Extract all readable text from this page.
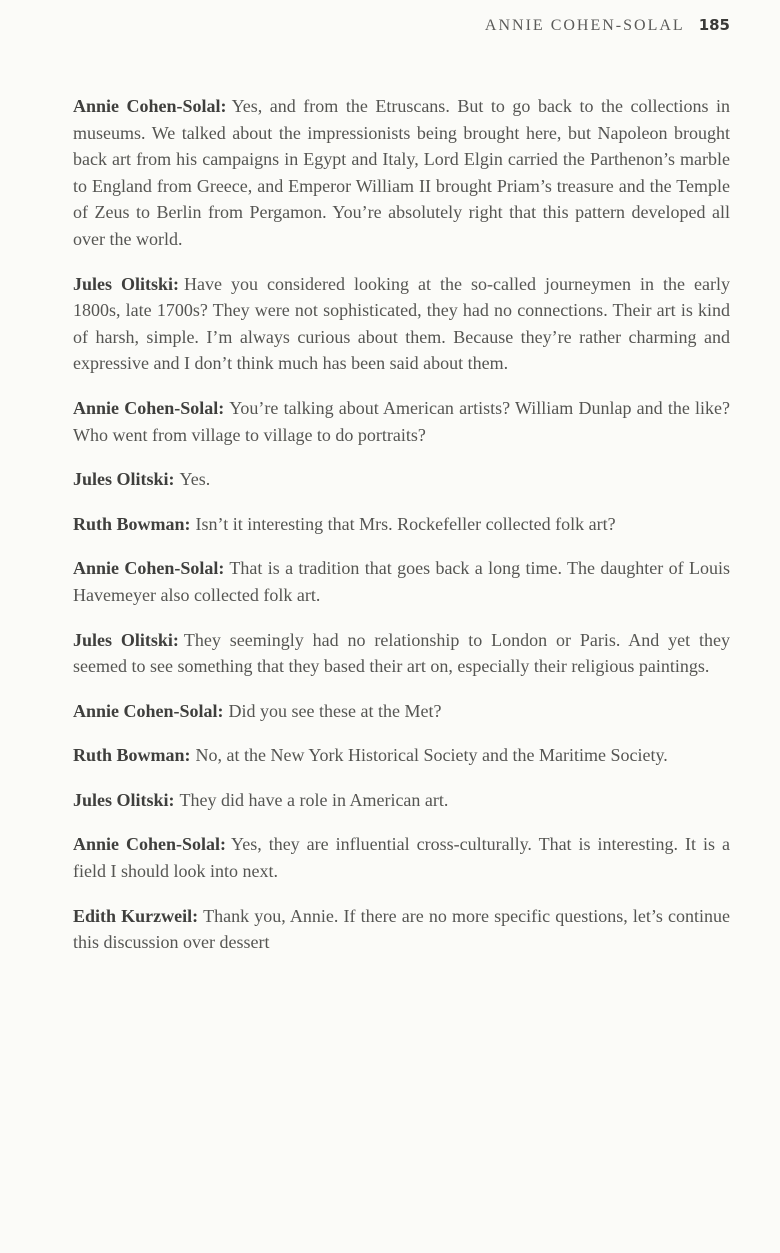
ANNIE COHEN-SOLAL 185

Annie Cohen-Solal: Yes, and from the Etruscans. But to go back to the collections in museums. We talked about the impressionists being brought here, but Napoleon brought back art from his campaigns in Egypt and Italy, Lord Elgin carried the Parthenon’s marble to England from Greece, and Emperor William II brought Priam’s treasure and the Temple of Zeus to Berlin from Pergamon. You’re absolutely right that this pattern developed all over the world.

Jules Olitski: Have you considered looking at the so-called journeymen in the early 1800s, late 1700s? They were not sophisticated, they had no connections. Their art is kind of harsh, simple. I’m always curious about them. Because they’re rather charming and expressive and I don’t think much has been said about them.

Annie Cohen-Solal: You’re talking about American artists? William Dunlap and the like? Who went from village to village to do portraits?

Jules Olitski: Yes.

Ruth Bowman: Isn’t it interesting that Mrs. Rockefeller collected folk art?

Annie Cohen-Solal: That is a tradition that goes back a long time. The daughter of Louis Havemeyer also collected folk art.

Jules Olitski: They seemingly had no relationship to London or Paris. And yet they seemed to see something that they based their art on, especially their religious paintings.

Annie Cohen-Solal: Did you see these at the Met?

Ruth Bowman: No, at the New York Historical Society and the Maritime Society.

Jules Olitski: They did have a role in American art.

Annie Cohen-Solal: Yes, they are influential cross-culturally. That is interesting. It is a field I should look into next.

Edith Kurzweil: Thank you, Annie. If there are no more specific questions, let’s continue this discussion over dessert
